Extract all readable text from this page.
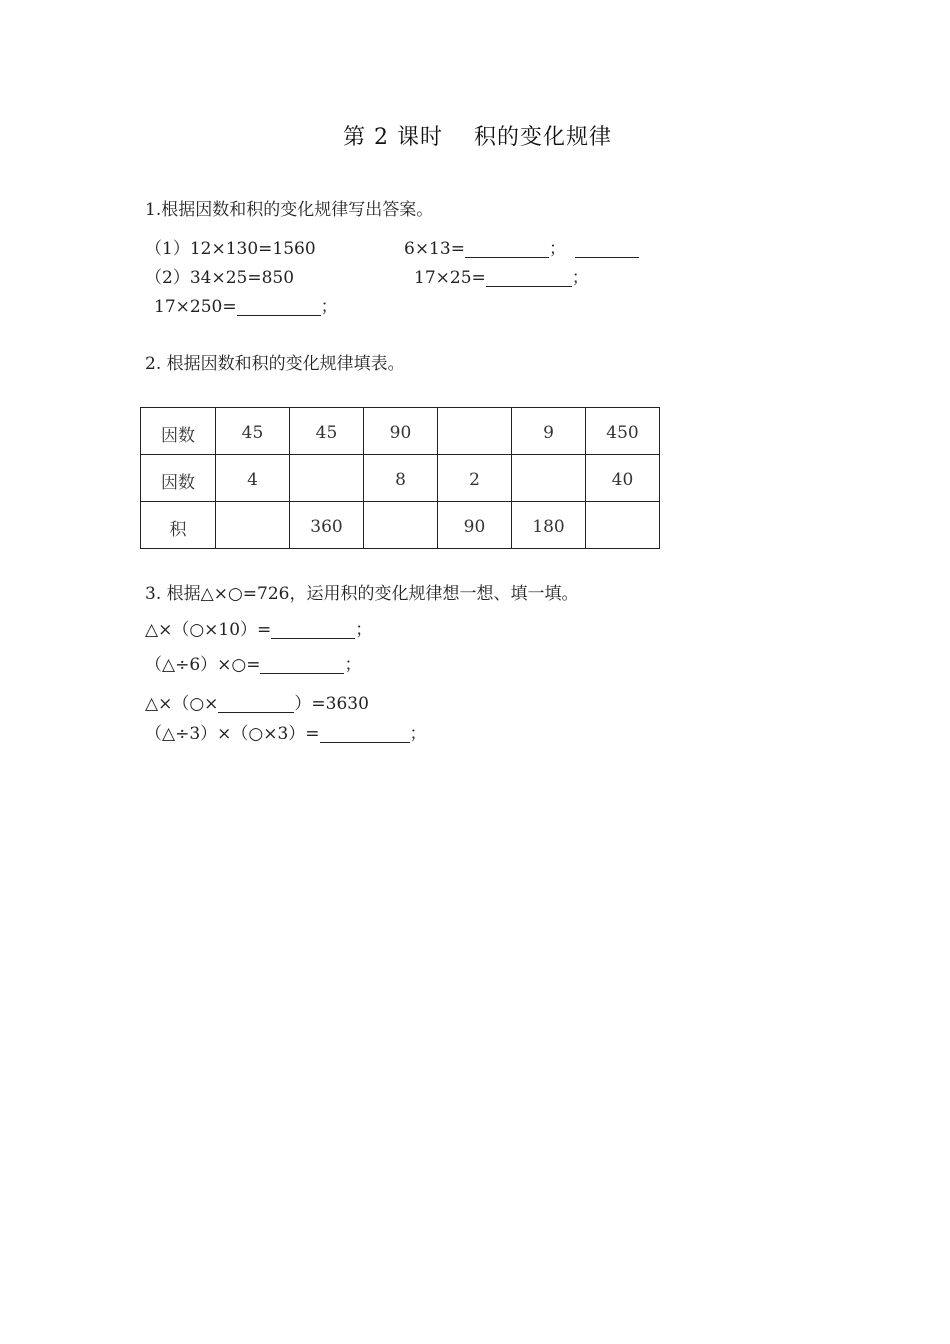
第 2 课时 积的变化规律
1.根据因数和积的变化规律写出答案。
（1）12×130=1560	6×13=	；
（2）34×25=850	17×25=	；
17×250=	；
2. 根据因数和积的变化规律填表。
因数	45	45	90		9	450
因数	4		8	2		40
积		360		90	180	
3. 根据△×○=726，运用积的变化规律想一想、填一填。
△×（○×10）=	；
（△÷6）×○=	；
△×（○×	）=3630
（△÷3）×（○×3）=	；
